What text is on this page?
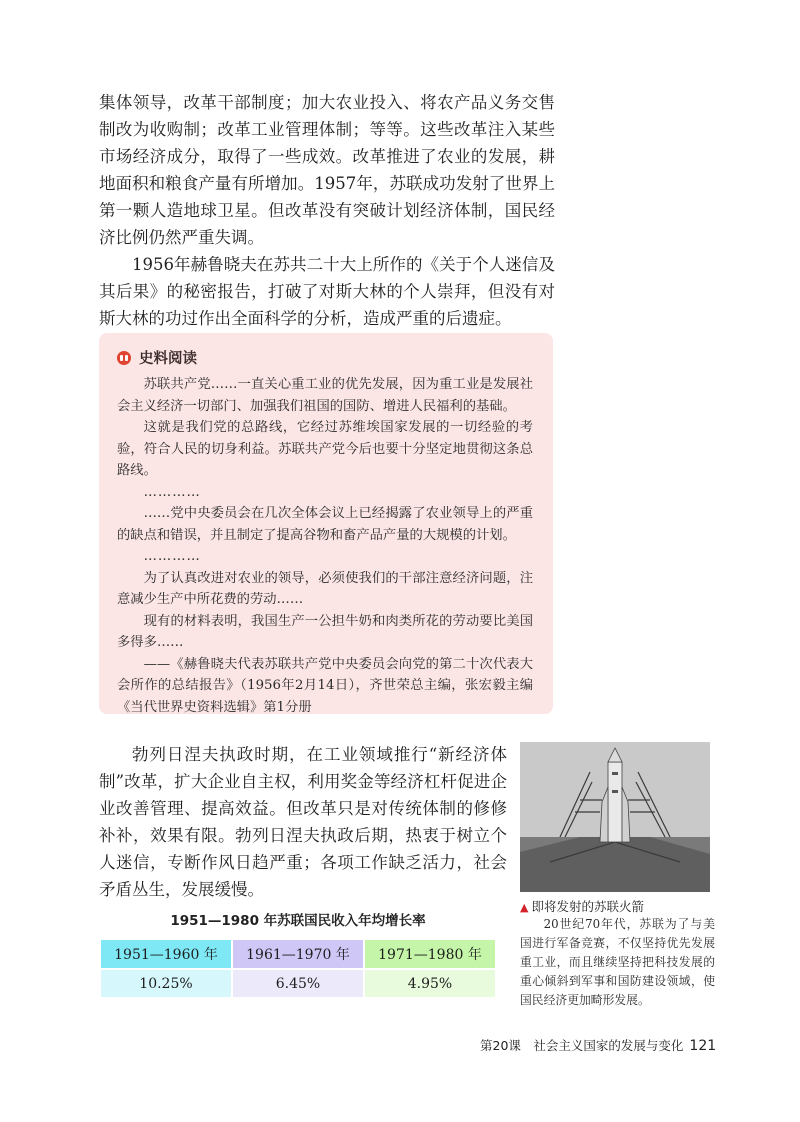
集体领导，改革干部制度；加大农业投入、将农产品义务交售制改为收购制；改革工业管理体制；等等。这些改革注入某些市场经济成分，取得了一些成效。改革推进了农业的发展，耕地面积和粮食产量有所增加。1957年，苏联成功发射了世界上第一颗人造地球卫星。但改革没有突破计划经济体制，国民经济比例仍然严重失调。

1956年赫鲁晓夫在苏共二十大上所作的《关于个人迷信及其后果》的秘密报告，打破了对斯大林的个人崇拜，但没有对斯大林的功过作出全面科学的分析，造成严重的后遗症。

史料阅读

苏联共产党……一直关心重工业的优先发展，因为重工业是发展社会主义经济一切部门、加强我们祖国的国防、增进人民福利的基础。

这就是我们党的总路线，它经过苏维埃国家发展的一切经验的考验，符合人民的切身利益。苏联共产党今后也要十分坚定地贯彻这条总路线。

…………

……党中央委员会在几次全体会议上已经揭露了农业领导上的严重的缺点和错误，并且制定了提高谷物和畜产品产量的大规模的计划。

…………

为了认真改进对农业的领导，必须使我们的干部注意经济问题，注意减少生产中所花费的劳动……

现有的材料表明，我国生产一公担牛奶和肉类所花的劳动要比美国多得多……

——《赫鲁晓夫代表苏联共产党中央委员会向党的第二十次代表大会所作的总结报告》（1956年2月14日），齐世荣总主编，张宏毅主编《当代世界史资料选辑》第1分册

勃列日涅夫执政时期，在工业领域推行“新经济体制”改革，扩大企业自主权，利用奖金等经济杠杆促进企业改善管理、提高效益。但改革只是对传统体制的修修补补，效果有限。勃列日涅夫执政后期，热衷于树立个人迷信，专断作风日趋严重；各项工作缺乏活力，社会矛盾丛生，发展缓慢。

▲ 即将发射的苏联火箭

20世纪70年代，苏联为了与美国进行军备竞赛，不仅坚持优先发展重工业，而且继续坚持把科技发展的重心倾斜到军事和国防建设领域，使国民经济更加畸形发展。

1951—1980 年苏联国民收入年均增长率
1951—1960 年	1961—1970 年	1971—1980 年
10.25%	6.45%	4.95%
第20课　社会主义国家的发展与变化 121
